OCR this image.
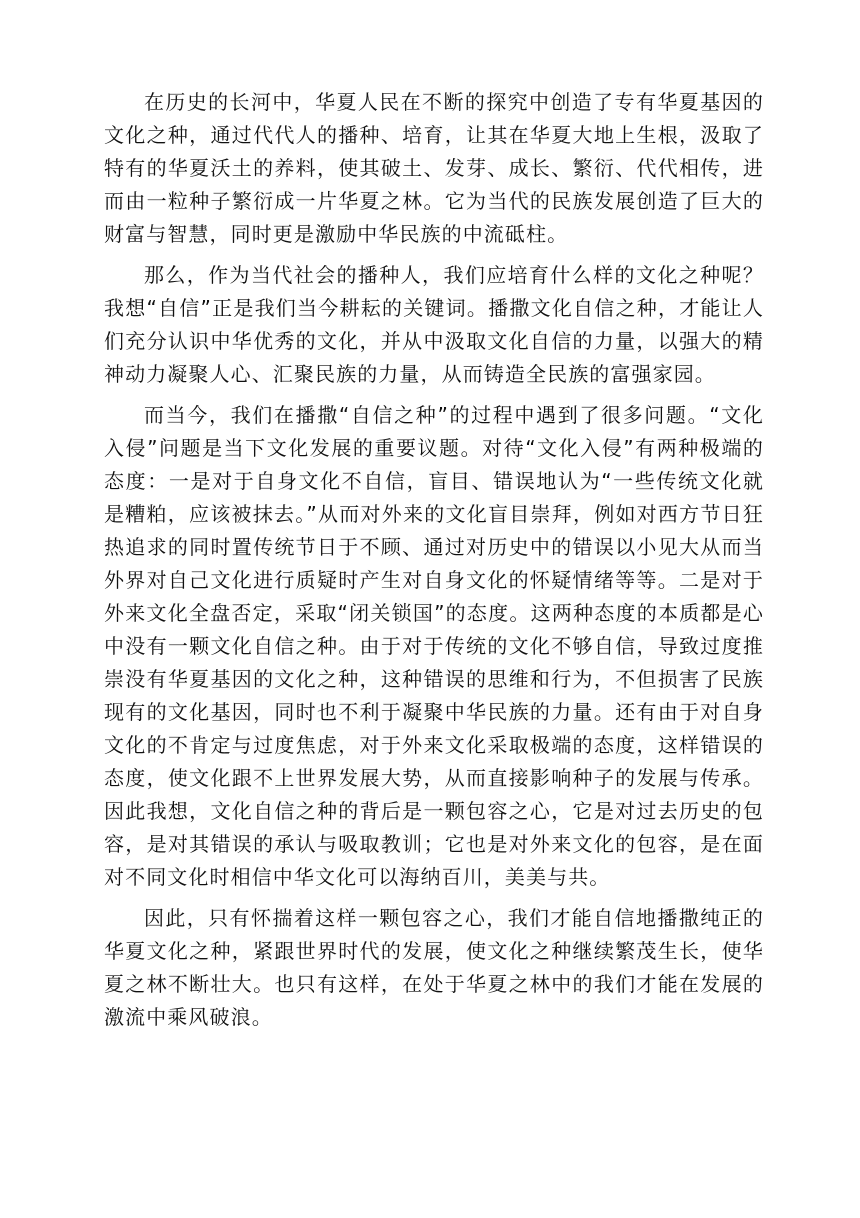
在历史的长河中，华夏人民在不断的探究中创造了专有华夏基因的文化之种，通过代代人的播种、培育，让其在华夏大地上生根，汲取了特有的华夏沃土的养料，使其破土、发芽、成长、繁衍、代代相传，进而由一粒种子繁衍成一片华夏之林。它为当代的民族发展创造了巨大的财富与智慧，同时更是激励中华民族的中流砥柱。

那么，作为当代社会的播种人，我们应培育什么样的文化之种呢？我想“自信”正是我们当今耕耘的关键词。播撒文化自信之种，才能让人们充分认识中华优秀的文化，并从中汲取文化自信的力量，以强大的精神动力凝聚人心、汇聚民族的力量，从而铸造全民族的富强家园。

而当今，我们在播撒“自信之种”的过程中遇到了很多问题。“文化入侵”问题是当下文化发展的重要议题。对待“文化入侵”有两种极端的态度：一是对于自身文化不自信，盲目、错误地认为“一些传统文化就是糟粕，应该被抹去。”从而对外来的文化盲目崇拜，例如对西方节日狂热追求的同时置传统节日于不顾、通过对历史中的错误以小见大从而当外界对自己文化进行质疑时产生对自身文化的怀疑情绪等等。二是对于外来文化全盘否定，采取“闭关锁国”的态度。这两种态度的本质都是心中没有一颗文化自信之种。由于对于传统的文化不够自信，导致过度推崇没有华夏基因的文化之种，这种错误的思维和行为，不但损害了民族现有的文化基因，同时也不利于凝聚中华民族的力量。还有由于对自身文化的不肯定与过度焦虑，对于外来文化采取极端的态度，这样错误的态度，使文化跟不上世界发展大势，从而直接影响种子的发展与传承。因此我想，文化自信之种的背后是一颗包容之心，它是对过去历史的包容，是对其错误的承认与吸取教训；它也是对外来文化的包容，是在面对不同文化时相信中华文化可以海纳百川，美美与共。

因此，只有怀揣着这样一颗包容之心，我们才能自信地播撒纯正的华夏文化之种，紧跟世界时代的发展，使文化之种继续繁茂生长，使华夏之林不断壮大。也只有这样，在处于华夏之林中的我们才能在发展的激流中乘风破浪。
